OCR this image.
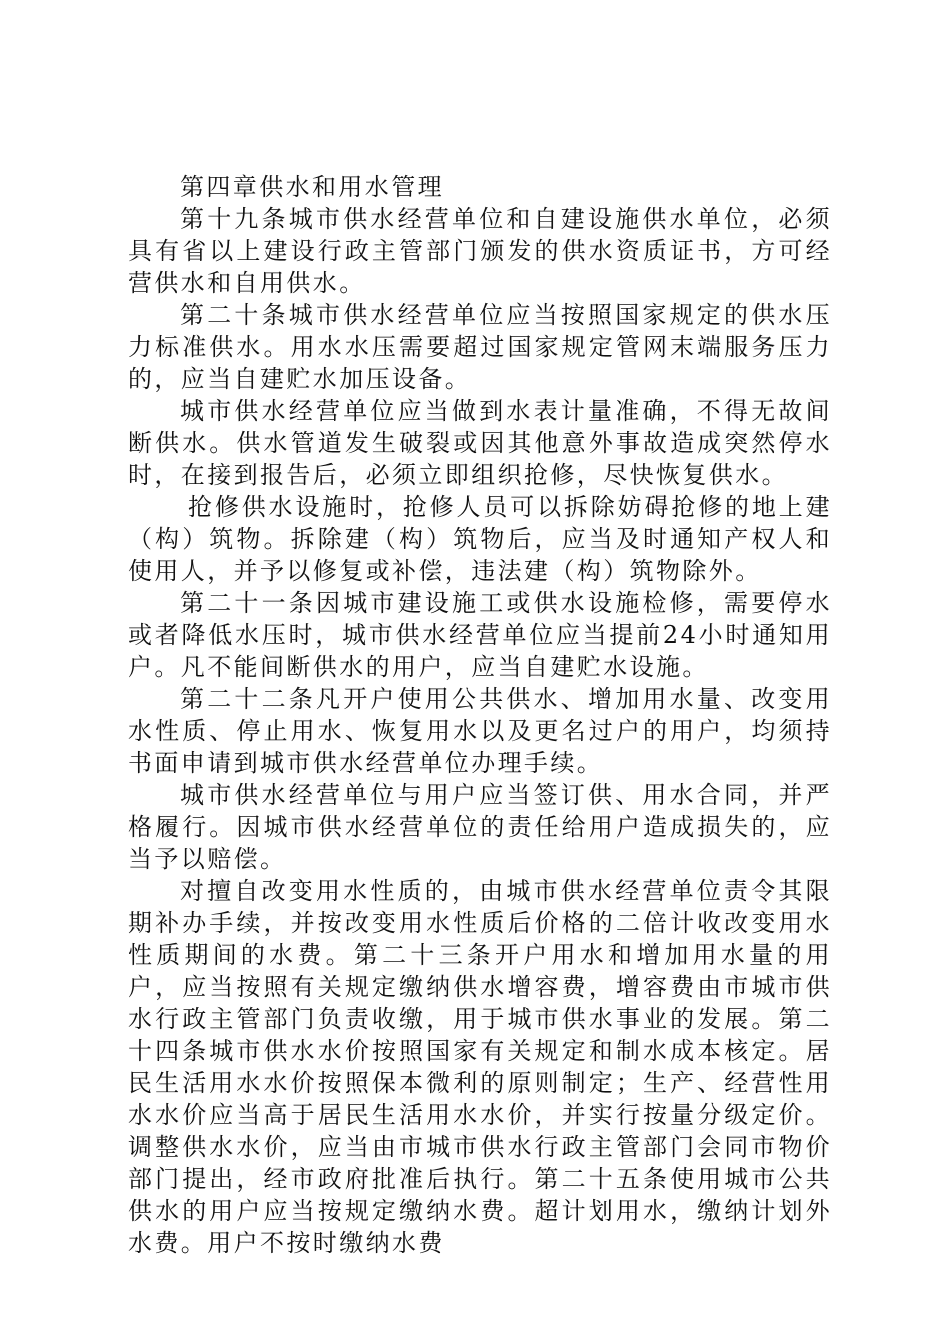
第四章供水和用水管理

第十九条城市供水经营单位和自建设施供水单位，必须具有省以上建设行政主管部门颁发的供水资质证书，方可经营供水和自用供水。

第二十条城市供水经营单位应当按照国家规定的供水压力标准供水。用水水压需要超过国家规定管网末端服务压力的，应当自建贮水加压设备。

城市供水经营单位应当做到水表计量准确，不得无故间断供水。供水管道发生破裂或因其他意外事故造成突然停水时，在接到报告后，必须立即组织抢修，尽快恢复供水。

抢修供水设施时，抢修人员可以拆除妨碍抢修的地上建（构）筑物。拆除建（构）筑物后，应当及时通知产权人和使用人，并予以修复或补偿，违法建（构）筑物除外。

第二十一条因城市建设施工或供水设施检修，需要停水或者降低水压时，城市供水经营单位应当提前24小时通知用户。凡不能间断供水的用户，应当自建贮水设施。

第二十二条凡开户使用公共供水、增加用水量、改变用水性质、停止用水、恢复用水以及更名过户的用户，均须持书面申请到城市供水经营单位办理手续。

城市供水经营单位与用户应当签订供、用水合同，并严格履行。因城市供水经营单位的责任给用户造成损失的，应当予以赔偿。

对擅自改变用水性质的，由城市供水经营单位责令其限期补办手续，并按改变用水性质后价格的二倍计收改变用水性质期间的水费。第二十三条开户用水和增加用水量的用户，应当按照有关规定缴纳供水增容费，增容费由市城市供水行政主管部门负责收缴，用于城市供水事业的发展。第二十四条城市供水水价按照国家有关规定和制水成本核定。居民生活用水水价按照保本微利的原则制定；生产、经营性用水水价应当高于居民生活用水水价，并实行按量分级定价。调整供水水价，应当由市城市供水行政主管部门会同市物价部门提出，经市政府批准后执行。第二十五条使用城市公共供水的用户应当按规定缴纳水费。超计划用水，缴纳计划外水费。用户不按时缴纳水费
